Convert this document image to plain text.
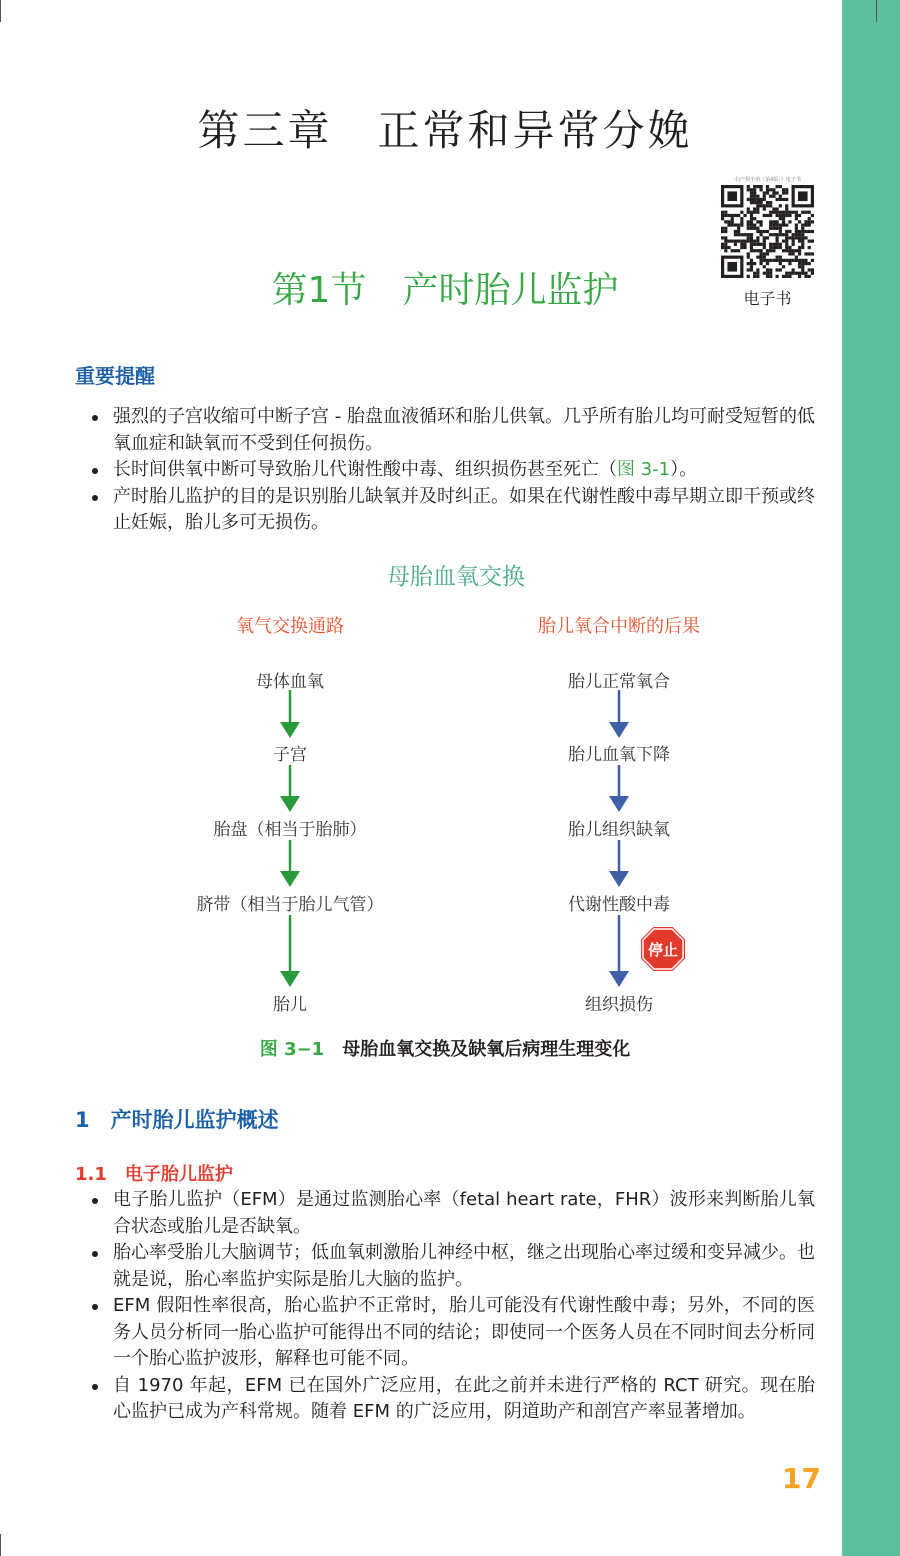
第三章　正常和异常分娩
第1节　产时胎儿监护
妇产科手册（第4版）》电子书
电子书
重要提醒
强烈的子宫收缩可中断子宫 - 胎盘血液循环和胎儿供氧。几乎所有胎儿均可耐受短暂的低氧血症和缺氧而不受到任何损伤。
长时间供氧中断可导致胎儿代谢性酸中毒、组织损伤甚至死亡（图 3-1）。
产时胎儿监护的目的是识别胎儿缺氧并及时纠正。如果在代谢性酸中毒早期立即干预或终止妊娠，胎儿多可无损伤。
母胎血氧交换
氧气交换通路	胎儿氧合中断的后果
母体血氧
子宫
胎盘（相当于胎肺）
脐带（相当于胎儿气管）
胎儿
胎儿正常氧合
胎儿血氧下降
胎儿组织缺氧
代谢性酸中毒
组织损伤
停止
图 3−1 母胎血氧交换及缺氧后病理生理变化
1　产时胎儿监护概述
1.1　电子胎儿监护
电子胎儿监护（EFM）是通过监测胎心率（fetal heart rate，FHR）波形来判断胎儿氧合状态或胎儿是否缺氧。
胎心率受胎儿大脑调节；低血氧刺激胎儿神经中枢，继之出现胎心率过缓和变异减少。也就是说，胎心率监护实际是胎儿大脑的监护。
EFM 假阳性率很高，胎心监护不正常时，胎儿可能没有代谢性酸中毒；另外，不同的医务人员分析同一胎心监护可能得出不同的结论；即使同一个医务人员在不同时间去分析同一个胎心监护波形，解释也可能不同。
自 1970 年起，EFM 已在国外广泛应用，在此之前并未进行严格的 RCT 研究。现在胎心监护已成为产科常规。随着 EFM 的广泛应用，阴道助产和剖宫产率显著增加。
17
